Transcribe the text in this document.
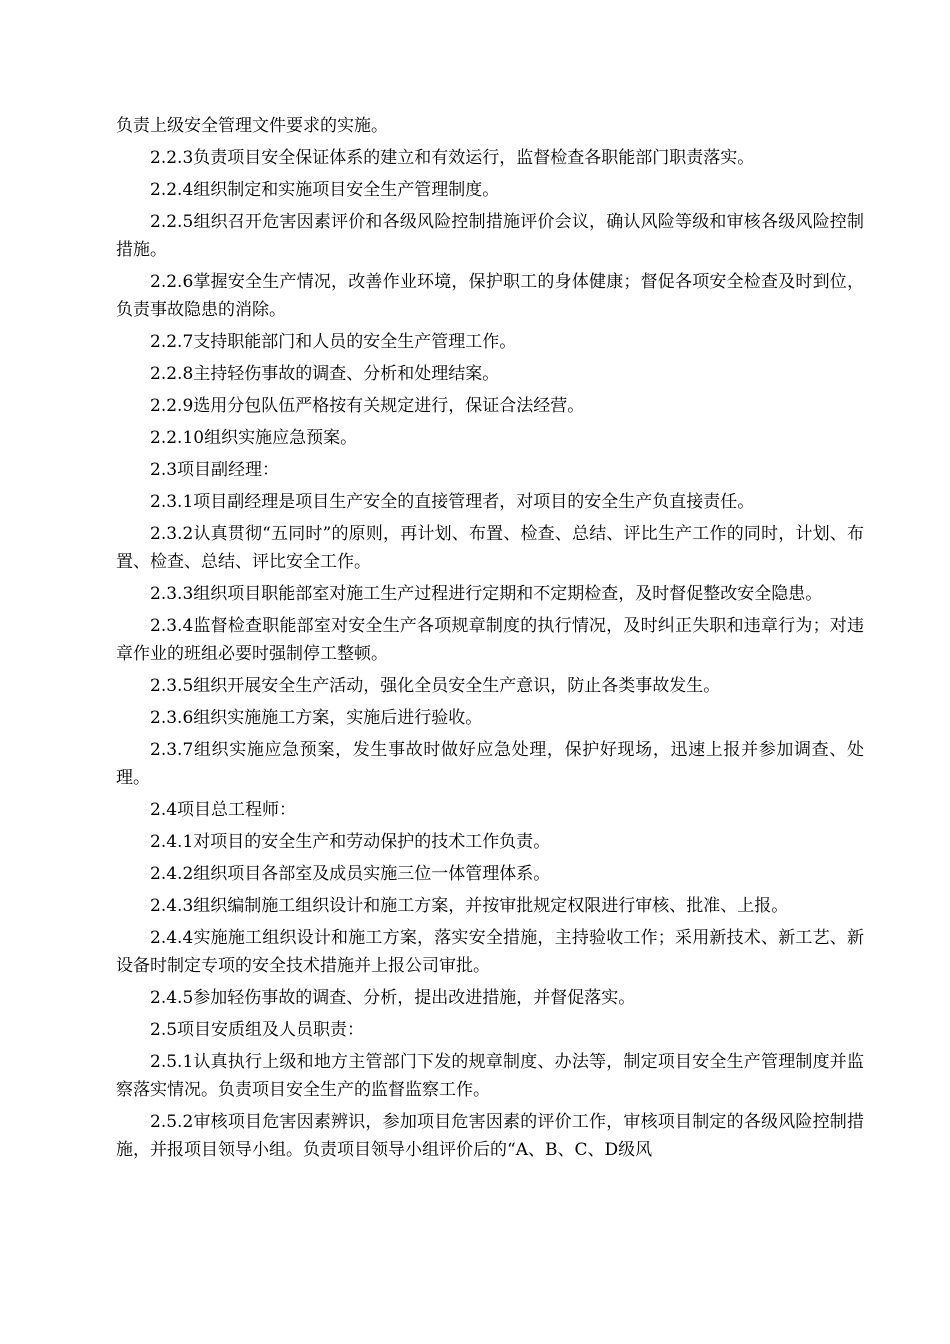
负责上级安全管理文件要求的实施。

2.2.3负责项目安全保证体系的建立和有效运行，监督检查各职能部门职责落实。

2.2.4组织制定和实施项目安全生产管理制度。

2.2.5组织召开危害因素评价和各级风险控制措施评价会议，确认风险等级和审核各级风险控制措施。

2.2.6掌握安全生产情况，改善作业环境，保护职工的身体健康；督促各项安全检查及时到位，负责事故隐患的消除。

2.2.7支持职能部门和人员的安全生产管理工作。

2.2.8主持轻伤事故的调查、分析和处理结案。

2.2.9选用分包队伍严格按有关规定进行，保证合法经营。

2.2.10组织实施应急预案。

2.3项目副经理：

2.3.1项目副经理是项目生产安全的直接管理者，对项目的安全生产负直接责任。

2.3.2认真贯彻“五同时”的原则，再计划、布置、检查、总结、评比生产工作的同时，计划、布置、检查、总结、评比安全工作。

2.3.3组织项目职能部室对施工生产过程进行定期和不定期检查，及时督促整改安全隐患。

2.3.4监督检查职能部室对安全生产各项规章制度的执行情况，及时纠正失职和违章行为；对违章作业的班组必要时强制停工整顿。

2.3.5组织开展安全生产活动，强化全员安全生产意识，防止各类事故发生。

2.3.6组织实施施工方案，实施后进行验收。

2.3.7组织实施应急预案，发生事故时做好应急处理，保护好现场，迅速上报并参加调查、处理。

2.4项目总工程师：

2.4.1对项目的安全生产和劳动保护的技术工作负责。

2.4.2组织项目各部室及成员实施三位一体管理体系。

2.4.3组织编制施工组织设计和施工方案，并按审批规定权限进行审核、批准、上报。

2.4.4实施施工组织设计和施工方案，落实安全措施，主持验收工作；采用新技术、新工艺、新设备时制定专项的安全技术措施并上报公司审批。

2.4.5参加轻伤事故的调查、分析，提出改进措施，并督促落实。

2.5项目安质组及人员职责：

2.5.1认真执行上级和地方主管部门下发的规章制度、办法等，制定项目安全生产管理制度并监察落实情况。负责项目安全生产的监督监察工作。

2.5.2审核项目危害因素辨识，参加项目危害因素的评价工作，审核项目制定的各级风险控制措施，并报项目领导小组。负责项目领导小组评价后的“A、B、C、D级风
